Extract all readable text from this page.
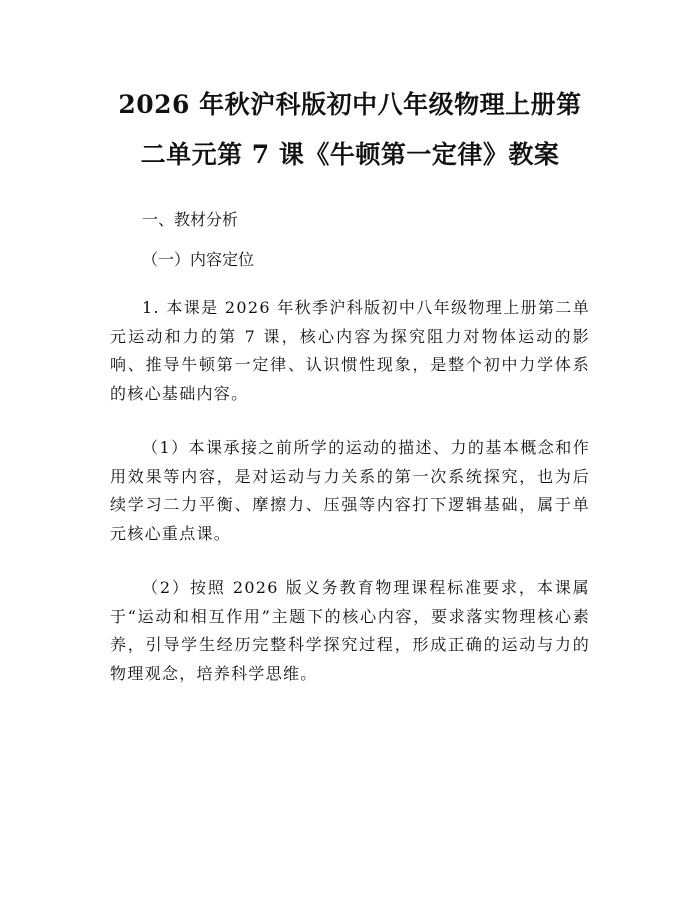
2026 年秋沪科版初中八年级物理上册第二单元第 7 课《牛顿第一定律》教案
一、教材分析
（一）内容定位

1. 本课是 2026 年秋季沪科版初中八年级物理上册第二单元运动和力的第 7 课，核心内容为探究阻力对物体运动的影响、推导牛顿第一定律、认识惯性现象，是整个初中力学体系的核心基础内容。

（1）本课承接之前所学的运动的描述、力的基本概念和作用效果等内容，是对运动与力关系的第一次系统探究，也为后续学习二力平衡、摩擦力、压强等内容打下逻辑基础，属于单元核心重点课。

（2）按照 2026 版义务教育物理课程标准要求，本课属于“运动和相互作用”主题下的核心内容，要求落实物理核心素养，引导学生经历完整科学探究过程，形成正确的运动与力的物理观念，培养科学思维。
